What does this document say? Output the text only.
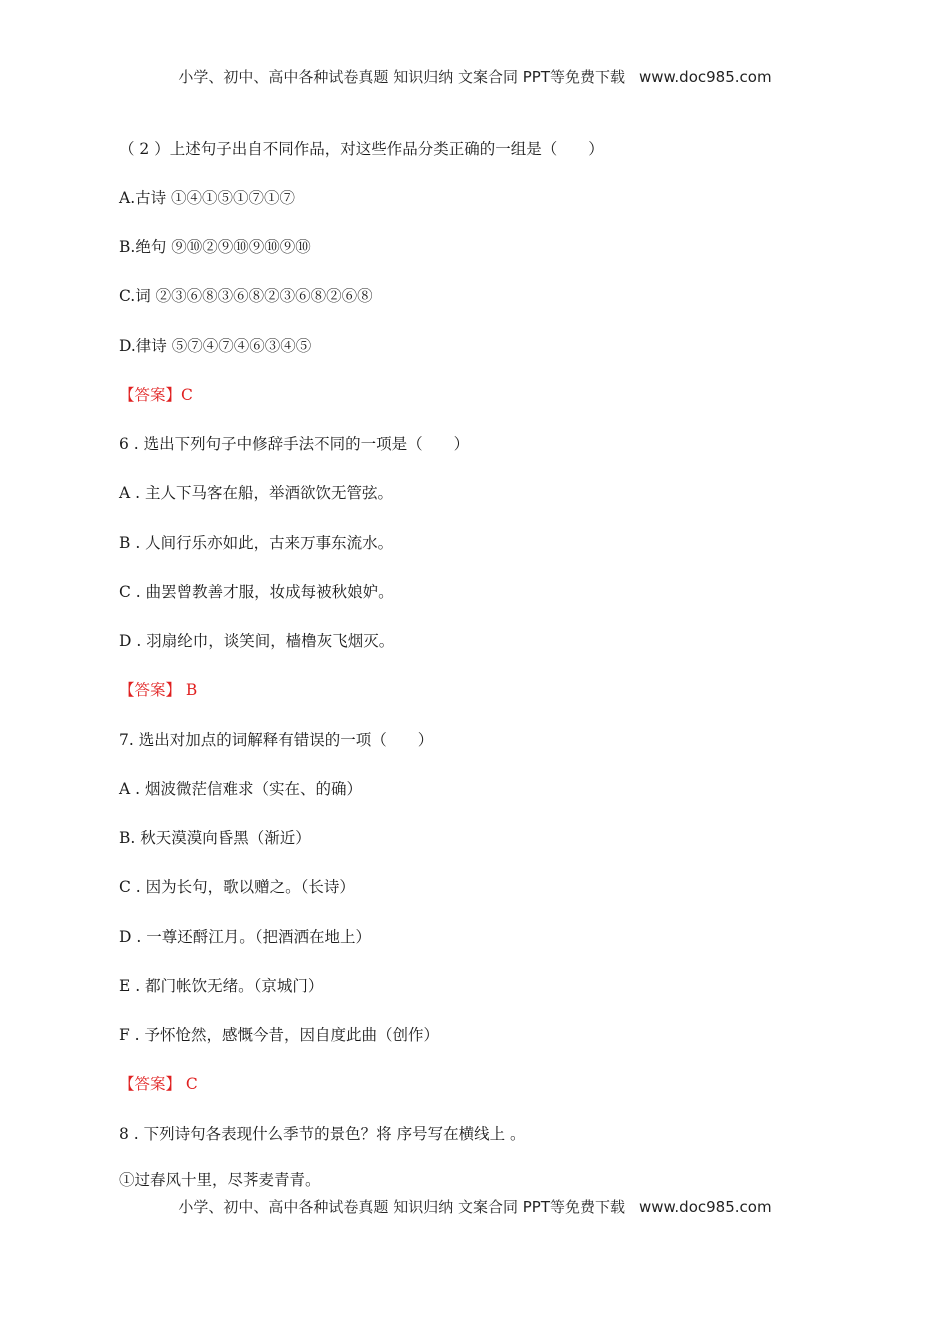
小学、初中、高中各种试卷真题 知识归纳 文案合同 PPT等免费下载 www.doc985.com
（ 2 ）上述句子出自不同作品，对这些作品分类正确的一组是（　　）
A.古诗 ①④①⑤①⑦①⑦
B.绝句 ⑨⑩②⑨⑩⑨⑩⑨⑩
C.词 ②③⑥⑧③⑥⑧②③⑥⑧②⑥⑧
D.律诗 ⑤⑦④⑦④⑥③④⑤
【答案】C
6 . 选出下列句子中修辞手法不同的一项是（　　）
A . 主人下马客在船，举酒欲饮无管弦。
B . 人间行乐亦如此，古来万事东流水。
C . 曲罢曾教善才服，妆成每被秋娘妒。
D . 羽扇纶巾，谈笑间，樯橹灰飞烟灭。
【答案】 B
7. 选出对加点的词解释有错误的一项（　　）
A . 烟波微茫信难求（实在、的确）
B. 秋天漠漠向昏黑（渐近）
C . 因为长句，歌以赠之。（长诗）
D . 一尊还酹江月。（把酒洒在地上）
E . 都门帐饮无绪。（京城门）
F . 予怀怆然，感慨今昔，因自度此曲（创作）
【答案】 C
8 . 下列诗句各表现什么季节的景色？将 序号写在横线上 。
①过春风十里，尽荠麦青青。
小学、初中、高中各种试卷真题 知识归纳 文案合同 PPT等免费下载 www.doc985.com
